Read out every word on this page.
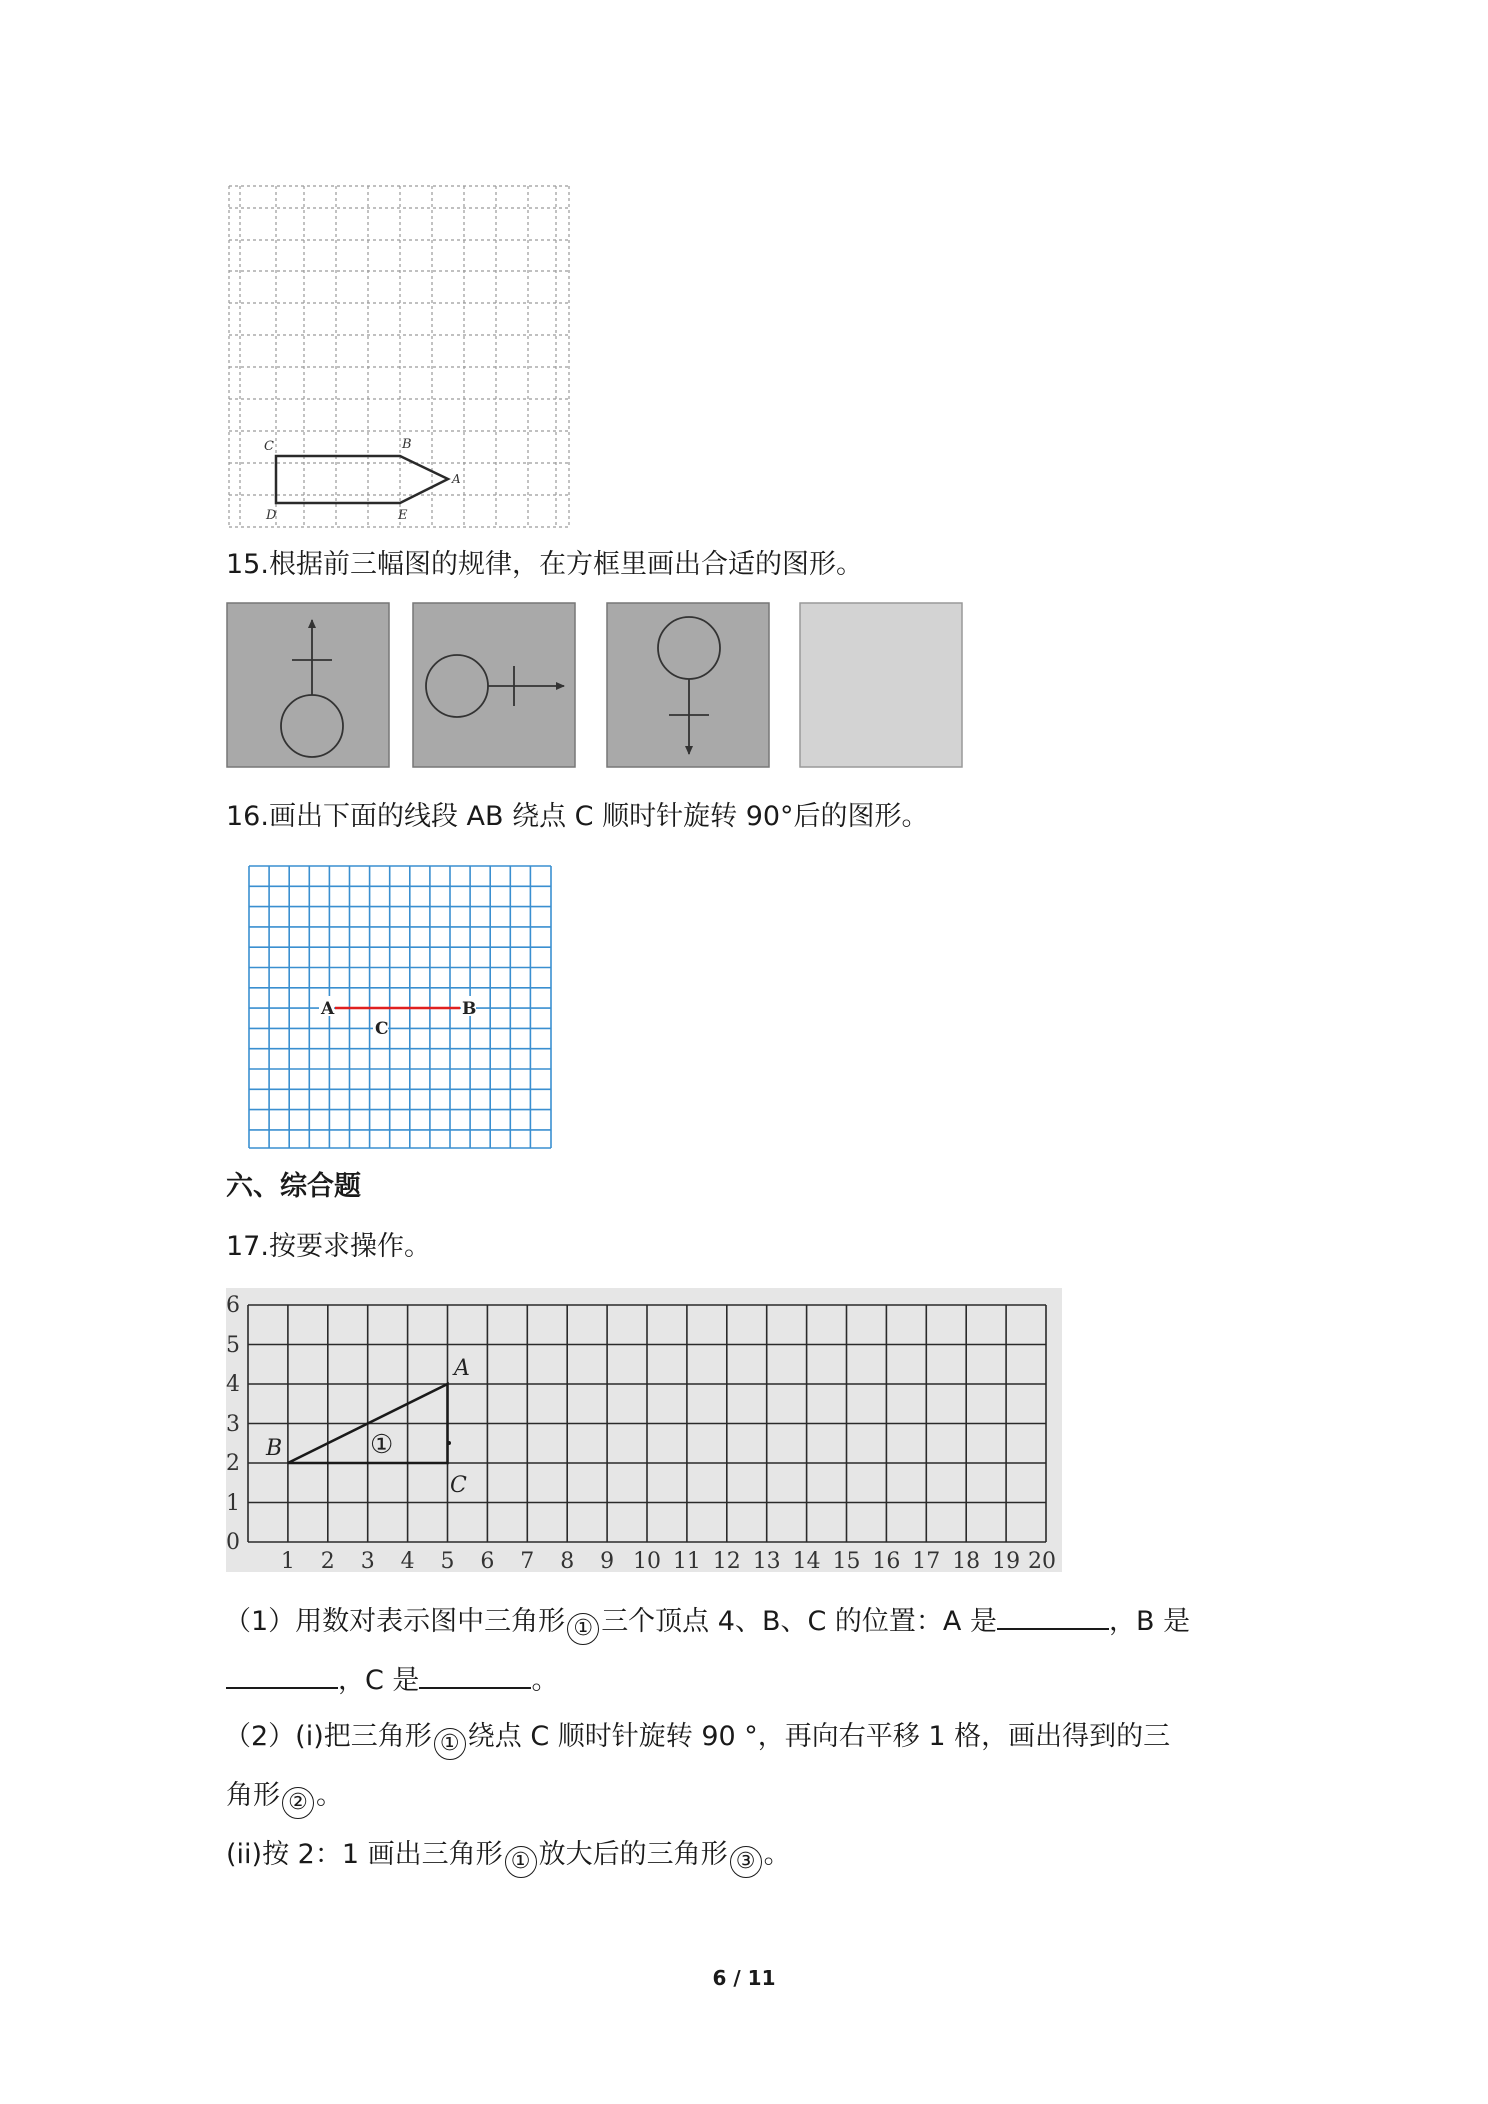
C	B
A
D	E
15.根据前三幅图的规律，在方框里画出合适的图形。
16.画出下面的线段 AB 绕点 C 顺时针旋转 90°后的图形。
A	B
C
六、综合题
17.按要求操作。
6
5
4
3
2
1
0
1 2 3 4 5 6 7 8 9 10 11 12 13 14 15 16 17 18 19 20
A
B
C
①
（1）用数对表示图中三角形 ① 三个顶点 4、B、C 的位置：A 是	，B 是
，C 是	。
（2）(i)把三角形 ① 绕点 C 顺时针旋转 90 °，再向右平移 1 格，画出得到的三
角形 ② 。
(ii)按 2：1 画出三角形 ① 放大后的三角形 ③ 。
6 / 11
